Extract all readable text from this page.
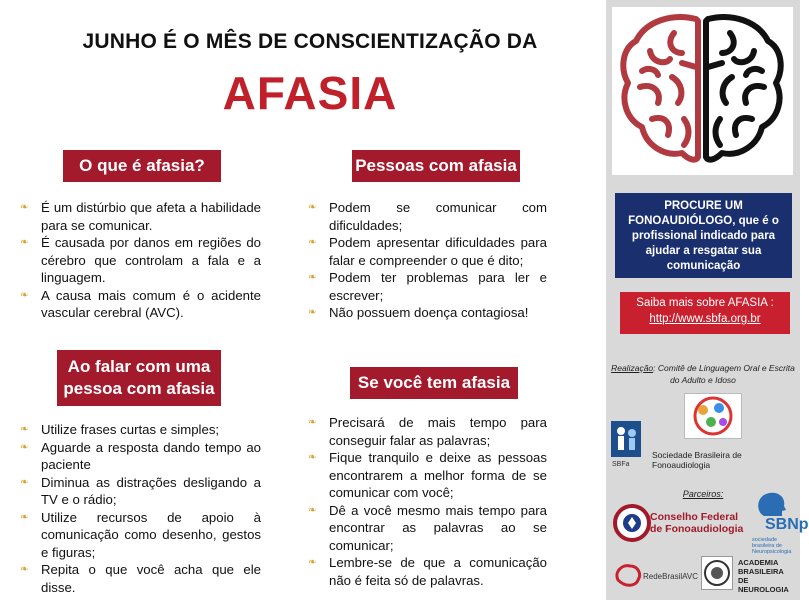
JUNHO É O MÊS DE CONSCIENTIZAÇÃO DA
AFASIA
O que é afasia?
❧ É um distúrbio que afeta a habilidade para se comunicar.
❧ É causada por danos em regiões do cérebro que controlam a fala e a linguagem.
❧ A causa mais comum é o acidente vascular cerebral (AVC).
Pessoas com afasia
❧ Podem se comunicar com dificuldades;
❧ Podem apresentar dificuldades para falar e compreender o que é dito;
❧ Podem ter problemas para ler e escrever;
❧ Não possuem doença contagiosa!
Ao falar com uma
pessoa com afasia
❧ Utilize frases curtas e simples;
❧ Aguarde a resposta dando tempo ao paciente
❧ Diminua as distrações desligando a TV e o rádio;
❧ Utilize recursos de apoio à comunicação como desenho, gestos e figuras;
❧ Repita o que você acha que ele disse.
Se você tem afasia
❧ Precisará de mais tempo para conseguir falar as palavras;
❧ Fique tranquilo e deixe as pessoas encontrarem a melhor forma de se comunicar com você;
❧ Dê a você mesmo mais tempo para encontrar as palavras ao se comunicar;
❧ Lembre-se de que a comunicação não é feita só de palavras.
PROCURE UM FONOAUDIÓLOGO, que é o profissional indicado para ajudar a resgatar sua comunicação
Saiba mais sobre AFASIA :
http://www.sbfa.org.br
Realização: Comitê de Linguagem Oral e Escrita do Adulto e Idoso
SBFa
Sociedade Brasileira de Fonoaudiologia
Parceiros:
Conselho Federal
de Fonoaudiologia SBNp
sociedade brasileira de Neuropsicologia
RedeBrasilAVC
ACADEMIA
BRASILEIRA
DE NEUROLOGIA
